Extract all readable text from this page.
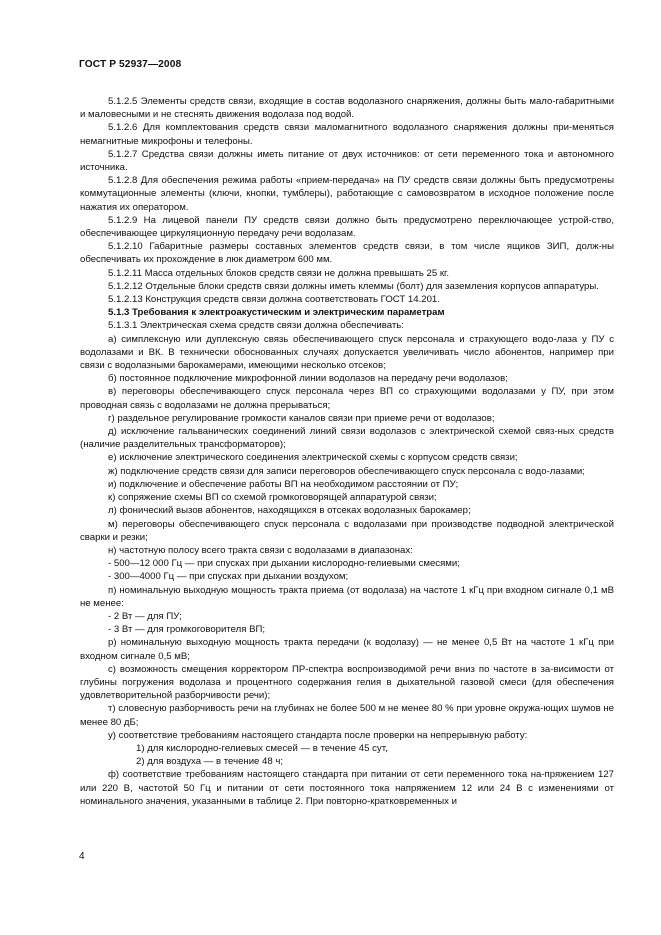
ГОСТ Р 52937—2008

5.1.2.5 Элементы средств связи, входящие в состав водолазного снаряжения, должны быть мало-габаритными и маловесными и не стеснять движения водолаза под водой.

5.1.2.6 Для комплектования средств связи маломагнитного водолазного снаряжения должны при-меняться немагнитные микрофоны и телефоны.

5.1.2.7 Средства связи должны иметь питание от двух источников: от сети переменного тока и автономного источника.

5.1.2.8 Для обеспечения режима работы «прием-передача» на ПУ средств связи должны быть предусмотрены коммутационные элементы (ключи, кнопки, тумблеры), работающие с самовозвратом в исходное положение после нажатия их оператором.

5.1.2.9 На лицевой панели ПУ средств связи должно быть предусмотрено переключающее устрой-ство, обеспечивающее циркуляционную передачу речи водолазам.

5.1.2.10 Габаритные размеры составных элементов средств связи, в том числе ящиков ЗИП, долж-ны обеспечивать их прохождение в люк диаметром 600 мм.

5.1.2.11 Масса отдельных блоков средств связи не должна превышать 25 кг.

5.1.2.12 Отдельные блоки средств связи должны иметь клеммы (болт) для заземления корпусов аппаратуры.

5.1.2.13 Конструкция средств связи должна соответствовать ГОСТ 14.201.

5.1.3 Требования к электроакустическим и электрическим параметрам

5.1.3.1 Электрическая схема средств связи должна обеспечивать:

а) симплексную или дуплексную связь обеспечивающего спуск персонала и страхующего водо-лаза у ПУ с водолазами и ВК. В технически обоснованных случаях допускается увеличивать число абонентов, например при связи с водолазными барокамерами, имеющими несколько отсеков;

б) постоянное подключение микрофонной линии водолазов на передачу речи водолазов;

в) переговоры обеспечивающего спуск персонала через ВП со страхующими водолазами у ПУ, при этом проводная связь с водолазами не должна прерываться;

г) раздельное регулирование громкости каналов связи при приеме речи от водолазов;

д) исключение гальванических соединений линий связи водолазов с электрической схемой связ-ных средств (наличие разделительных трансформаторов);

е) исключение электрического соединения электрической схемы с корпусом средств связи;

ж) подключение средств связи для записи переговоров обеспечивающего спуск персонала с водо-лазами;

и) подключение и обеспечение работы ВП на необходимом расстоянии от ПУ;

к) сопряжение схемы ВП со схемой громкоговорящей аппаратурой связи;

л) фонический вызов абонентов, находящихся в отсеках водолазных барокамер;

м) переговоры обеспечивающего спуск персонала с водолазами при производстве подводной электрической сварки и резки;

н) частотную полосу всего тракта связи с водолазами в диапазонах:

- 500—12 000 Гц — при спусках при дыхании кислородно-гелиевыми смесями;

- 300—4000 Гц — при спусках при дыхании воздухом;

п) номинальную выходную мощность тракта приема (от водолаза) на частоте 1 кГц при входном сигнале 0,1 мВ не менее:

- 2 Вт — для ПУ;

- 3 Вт — для громкоговорителя ВП;

р) номинальную выходную мощность тракта передачи (к водолазу) — не менее 0,5 Вт на частоте 1 кГц при входном сигнале 0,5 мВ;

с) возможность смещения корректором ПР-спектра воспроизводимой речи вниз по частоте в за-висимости от глубины погружения водолаза и процентного содержания гелия в дыхательной газовой смеси (для обеспечения удовлетворительной разборчивости речи);

т) словесную разборчивость речи на глубинах не более 500 м не менее 80 % при уровне окружа-ющих шумов не менее 80 дБ;

у) соответствие требованиям настоящего стандарта после проверки на непрерывную работу:

1) для кислородно-гелиевых смесей — в течение 45 сут,

2) для воздуха — в течение 48 ч;

ф) соответствие требованиям настоящего стандарта при питании от сети переменного тока на-пряжением 127 или 220 В, частотой 50 Гц и питании от сети постоянного тока напряжением 12 или 24 В с изменениями от номинального значения, указанными в таблице 2. При повторно-кратковременных и

4
